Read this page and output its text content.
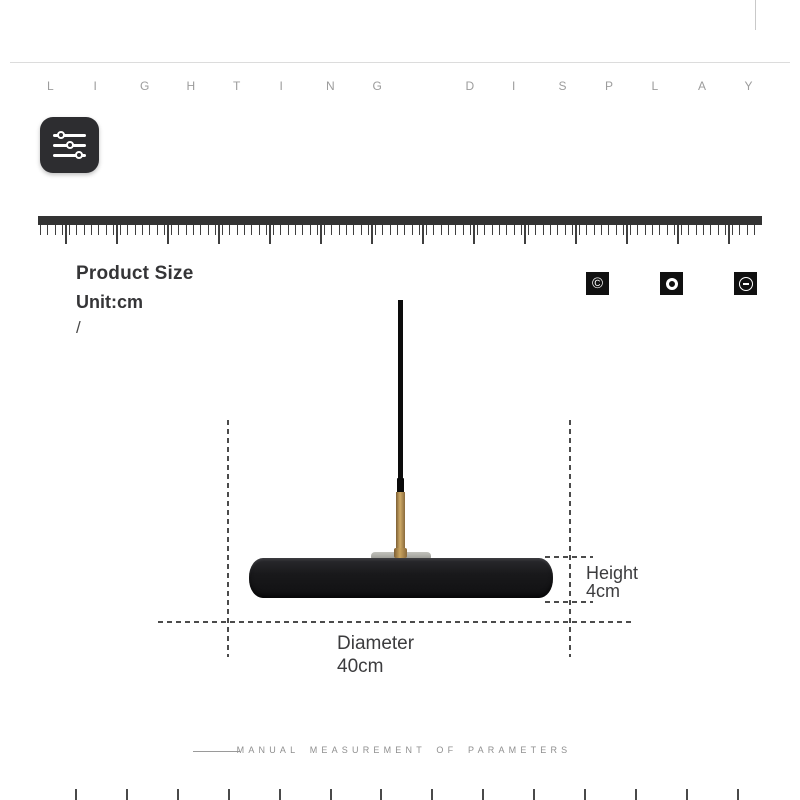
L	I	G	H	T	I	N	G	D	I	S	P	L	A	Y
Product Size
Unit:cm
/
©
Height
4cm
Diameter
40cm
MANUAL MEASUREMENT OF PARAMETERS
